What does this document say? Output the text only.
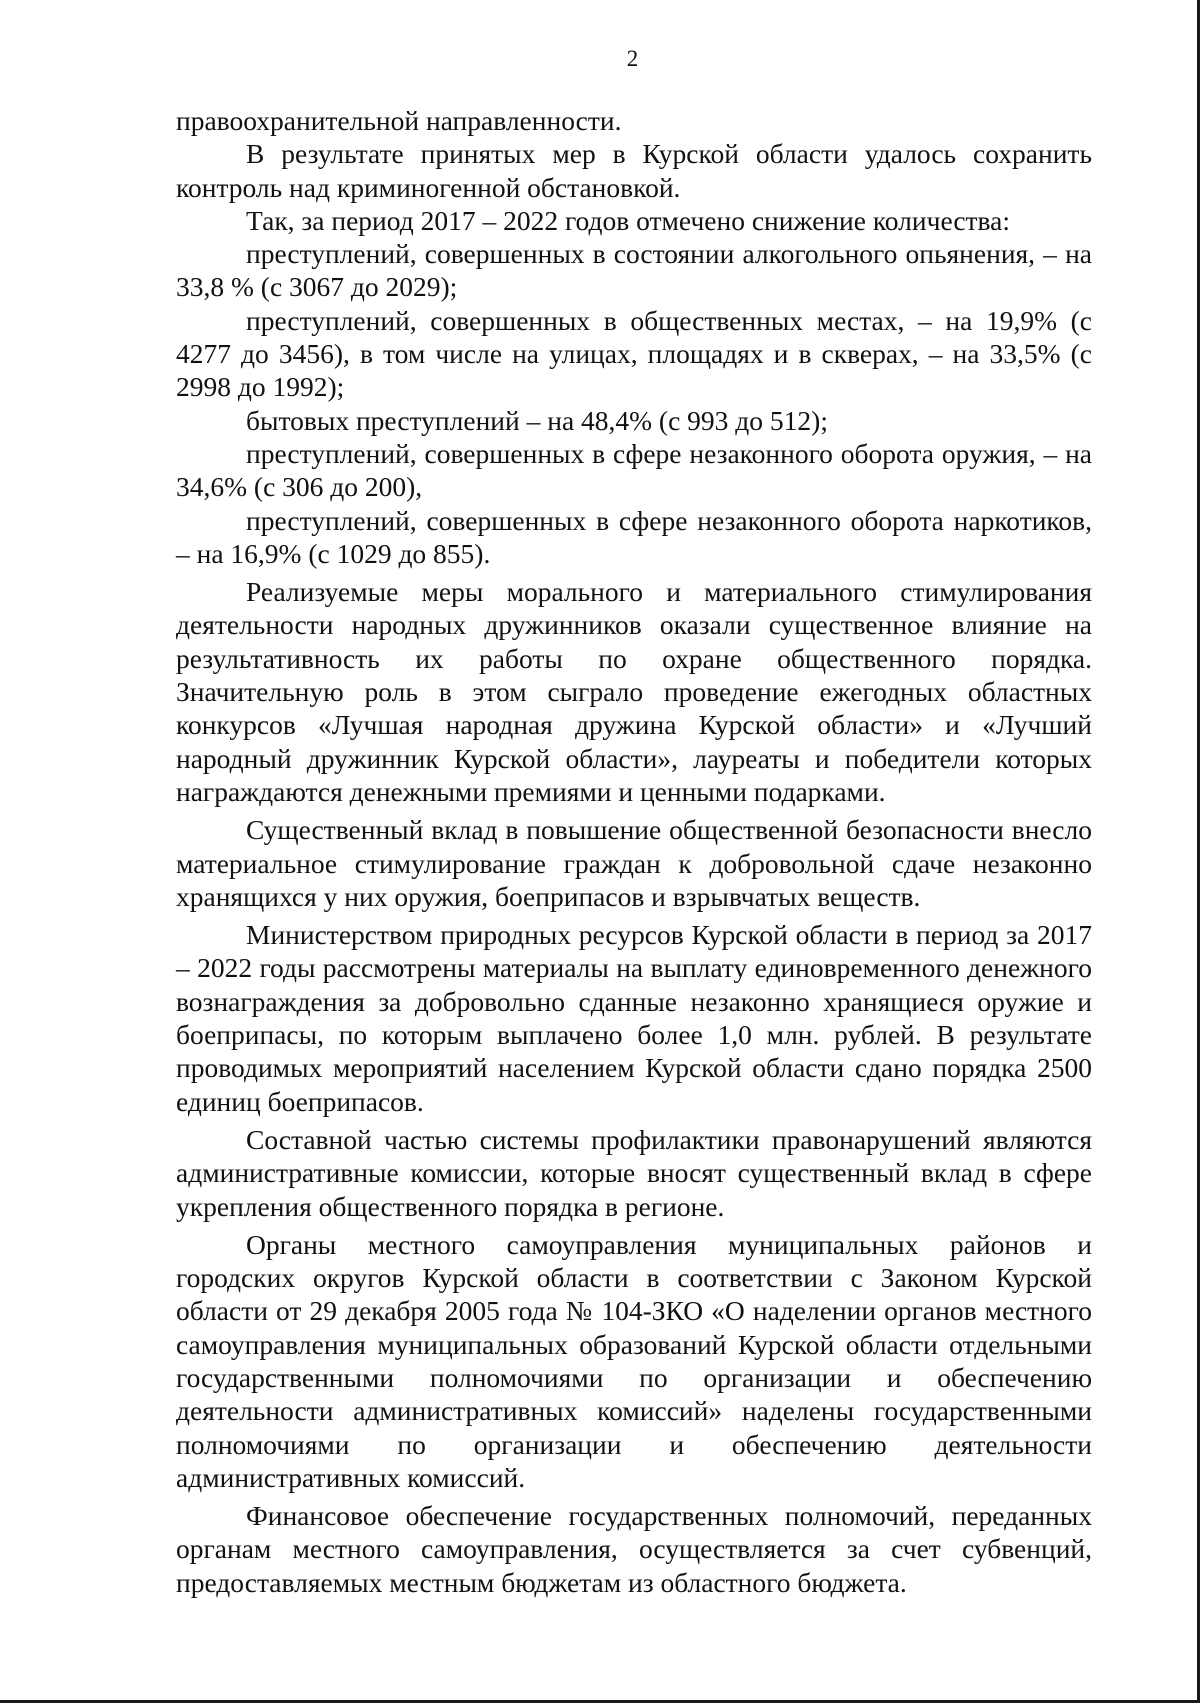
2

правоохранительной направленности.

В результате принятых мер в Курской области удалось сохранить контроль над криминогенной обстановкой.

Так, за период 2017 – 2022 годов отмечено снижение количества:

преступлений, совершенных в состоянии алкогольного опьянения, – на 33,8 % (с 3067 до 2029);

преступлений, совершенных в общественных местах, – на 19,9% (с 4277 до 3456), в том числе на улицах, площадях и в скверах, – на 33,5% (с 2998 до 1992);

бытовых преступлений – на 48,4% (с 993 до 512);

преступлений, совершенных в сфере незаконного оборота оружия, – на 34,6% (с 306 до 200),

преступлений, совершенных в сфере незаконного оборота наркотиков, – на 16,9% (с 1029 до 855).

Реализуемые меры морального и материального стимулирования деятельности народных дружинников оказали существенное влияние на результативность их работы по охране общественного порядка. Значительную роль в этом сыграло проведение ежегодных областных конкурсов «Лучшая народная дружина Курской области» и «Лучший народный дружинник Курской области», лауреаты и победители которых награждаются денежными премиями и ценными подарками.

Существенный вклад в повышение общественной безопасности внесло материальное стимулирование граждан к добровольной сдаче незаконно хранящихся у них оружия, боеприпасов и взрывчатых веществ.

Министерством природных ресурсов Курской области в период за 2017 – 2022 годы рассмотрены материалы на выплату единовременного денежного вознаграждения за добровольно сданные незаконно хранящиеся оружие и боеприпасы, по которым выплачено более 1,0 млн. рублей. В результате проводимых мероприятий населением Курской области сдано порядка 2500 единиц боеприпасов.

Составной частью системы профилактики правонарушений являются административные комиссии, которые вносят существенный вклад в сфере укрепления общественного порядка в регионе.

Органы местного самоуправления муниципальных районов и городских округов Курской области в соответствии с Законом Курской области от 29 декабря 2005 года № 104-ЗКО «О наделении органов местного самоуправления муниципальных образований Курской области отдельными государственными полномочиями по организации и обеспечению деятельности административных комиссий» наделены государственными полномочиями по организации и обеспечению деятельности административных комиссий.

Финансовое обеспечение государственных полномочий, переданных органам местного самоуправления, осуществляется за счет субвенций, предоставляемых местным бюджетам из областного бюджета.
